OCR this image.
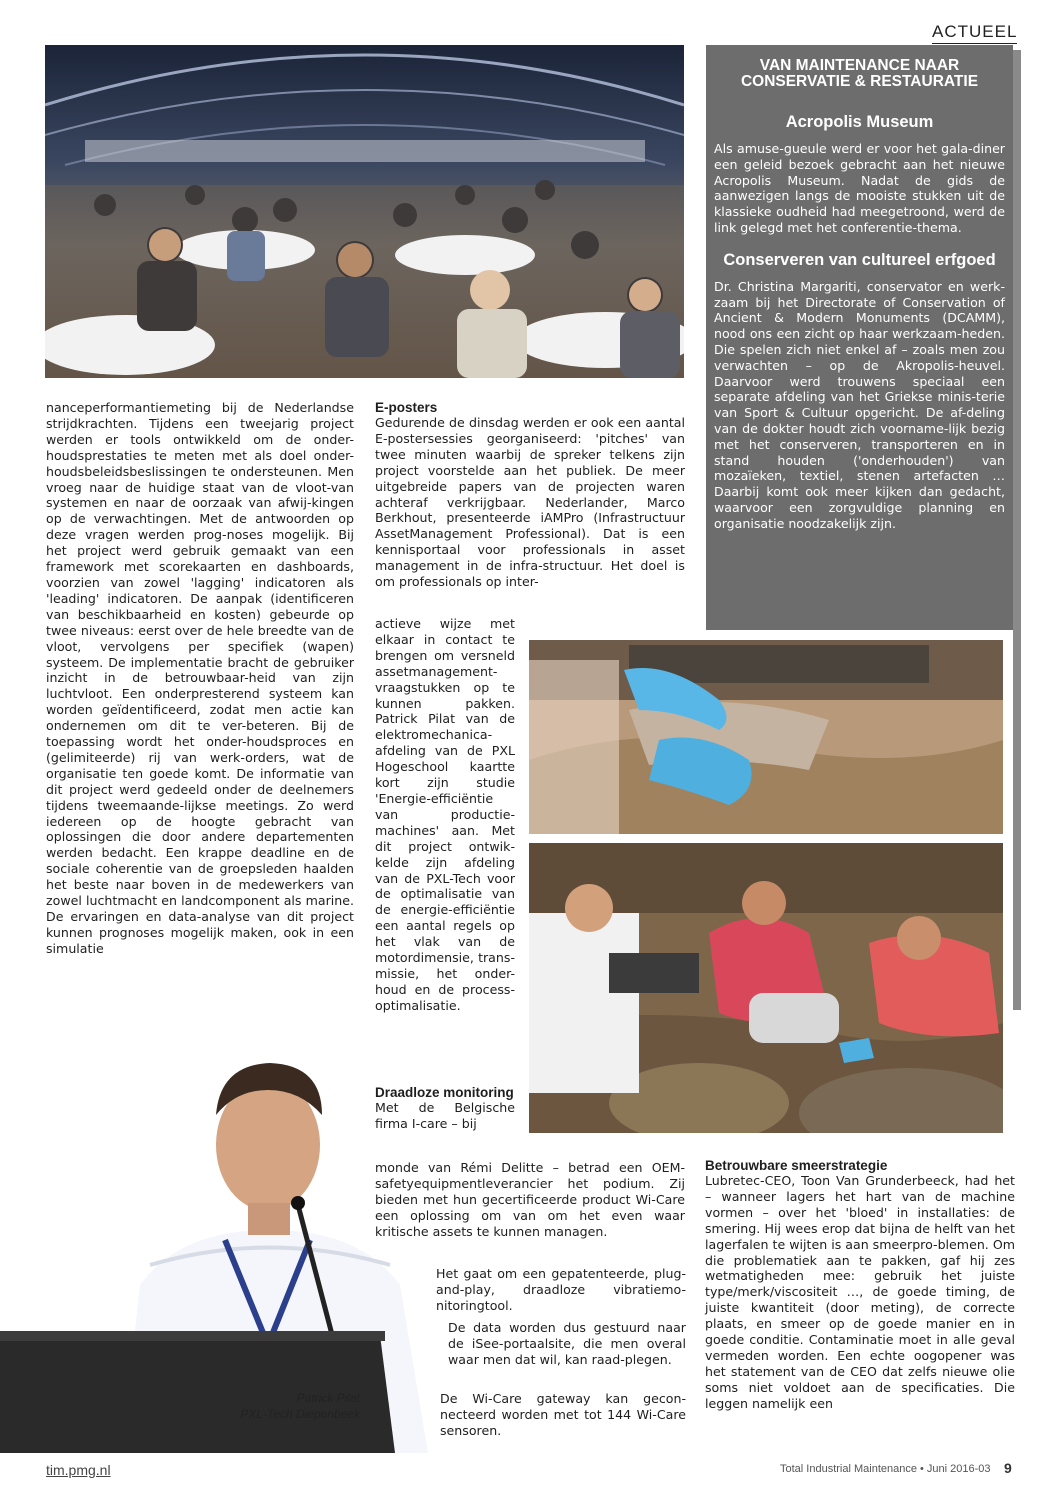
ACTUEEL

VAN MAINTENANCE NAAR CONSERVATIE & RESTAURATIE

Acropolis Museum

Als amuse-gueule werd er voor het gala-diner een geleid bezoek gebracht aan het nieuwe Acropolis Museum. Nadat de gids de aanwezigen langs de mooiste stukken uit de klassieke oudheid had meegetroond, werd de link gelegd met het conferentie-thema.

Conserveren van cultureel erfgoed

Dr. Christina Margariti, conservator en werk-zaam bij het Directorate of Conservation of Ancient & Modern Monuments (DCAMM), nood ons een zicht op haar werkzaam-heden. Die spelen zich niet enkel af – zoals men zou verwachten – op de Akropolis-heuvel. Daarvoor werd trouwens speciaal een separate afdeling van het Griekse minis-terie van Sport & Cultuur opgericht. De af-deling van de dokter houdt zich voorname-lijk bezig met het conserveren, transporteren en in stand houden ('onderhouden') van mozaïeken, textiel, stenen artefacten … Daarbij komt ook meer kijken dan gedacht, waarvoor een zorgvuldige planning en organisatie noodzakelijk zijn.

nanceperformantiemeting bij de Nederlandse strijdkrachten. Tijdens een tweejarig project werden er tools ontwikkeld om de onder-houdsprestaties te meten met als doel onder-houdsbeleidsbeslissingen te ondersteunen. Men vroeg naar de huidige staat van de vloot-van systemen en naar de oorzaak van afwij-kingen op de verwachtingen. Met de antwoorden op deze vragen werden prog-noses mogelijk. Bij het project werd gebruik gemaakt van een framework met scorekaarten en dashboards, voorzien van zowel 'lagging' indicatoren als 'leading' indicatoren. De aanpak (identificeren van beschikbaarheid en kosten) gebeurde op twee niveaus: eerst over de hele breedte van de vloot, vervolgens per specifiek (wapen) systeem. De implementatie bracht de gebruiker inzicht in de betrouwbaar-heid van zijn luchtvloot. Een onderpresterend systeem kan worden geïdentificeerd, zodat men actie kan ondernemen om dit te ver-beteren. Bij de toepassing wordt het onder-houdsproces en (gelimiteerde) rij van werk-orders, wat de organisatie ten goede komt. De informatie van dit project werd gedeeld onder de deelnemers tijdens tweemaande-lijkse meetings. Zo werd iedereen op de hoogte gebracht van oplossingen die door andere departementen werden bedacht. Een krappe deadline en de sociale coherentie van de groepsleden haalden het beste naar boven in de medewerkers van zowel luchtmacht en landcomponent als marine. De ervaringen en data-analyse van dit project kunnen prognoses mogelijk maken, ook in een simulatie
Patrick Pilat
PXL-Tech Diepenbeek
E-posters
Gedurende de dinsdag werden er ook een aantal E-postersessies georganiseerd: 'pitches' van twee minuten waarbij de spreker telkens zijn project voorstelde aan het publiek. De meer uitgebreide papers van de projecten waren achteraf verkrijgbaar. Nederlander, Marco Berkhout, presenteerde iAMPro (Infrastructuur AssetManagement Professional). Dat is een kennisportaal voor professionals in asset management in de infra-structuur. Het doel is om professionals op inter-
actieve wijze met elkaar in contact te brengen om versneld assetmanagement-vraagstukken op te kunnen pakken. Patrick Pilat van de elektromechanica-afdeling van de PXL Hogeschool kaartte kort zijn studie 'Energie-efficiëntie van productie-machines' aan. Met dit project ontwik-kelde zijn afdeling van de PXL-Tech voor de optimalisatie van de energie-efficiëntie een aantal regels op het vlak van de motordimensie, trans-missie, het onder-houd en de process-optimalisatie.
Draadloze monitoring
Met de Belgische firma I-care – bij
monde van Rémi Delitte – betrad een OEM-safetyequipmentleverancier het podium. Zij bieden met hun gecertificeerde product Wi-Care een oplossing om van om het even waar kritische assets te kunnen managen.
Het gaat om een gepatenteerde, plug-and-play, draadloze vibratiemo-nitoringtool.
De data worden dus gestuurd naar de iSee-portaalsite, die men overal waar men dat wil, kan raad-plegen.
De Wi-Care gateway kan gecon-necteerd worden met tot 144 Wi-Care sensoren.
Betrouwbare smeerstrategie
Lubretec-CEO, Toon Van Grunderbeeck, had het – wanneer lagers het hart van de machine vormen – over het 'bloed' in installaties: de smering. Hij wees erop dat bijna de helft van het lagerfalen te wijten is aan smeerpro-blemen. Om die problematiek aan te pakken, gaf hij zes wetmatigheden mee: gebruik het juiste type/merk/viscositeit …, de goede timing, de juiste kwantiteit (door meting), de correcte plaats, en smeer op de goede manier en in goede conditie. Contaminatie moet in alle geval vermeden worden. Een echte oogopener was het statement van de CEO dat zelfs nieuwe olie soms niet voldoet aan de specificaties. Die leggen namelijk een
tim.pmg.nl	Total Industrial Maintenance • Juni 2016-03 9
